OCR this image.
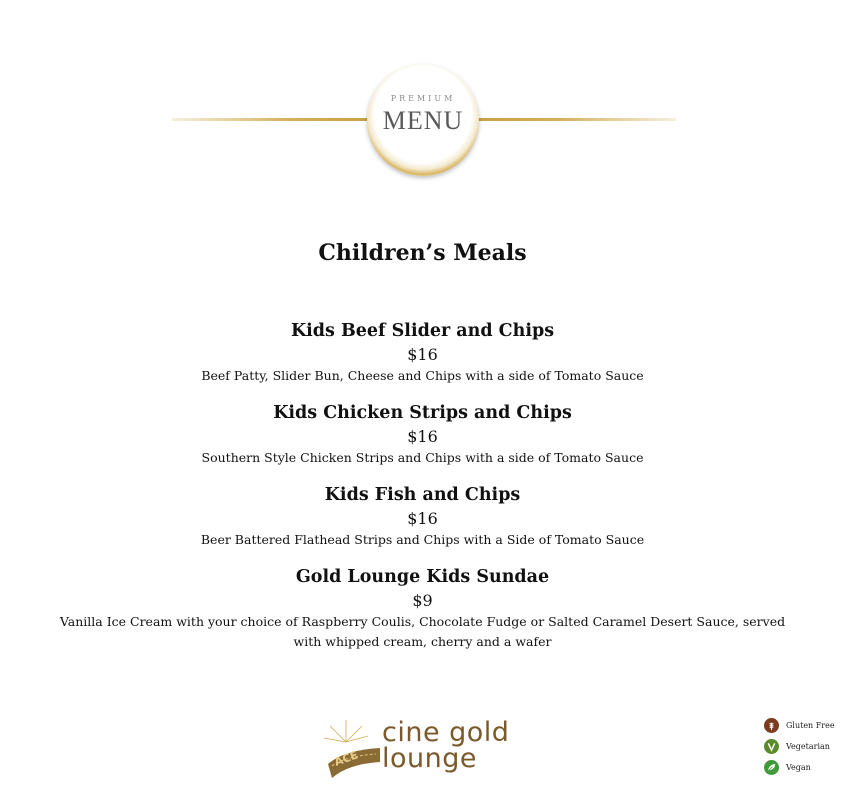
PREMIUM
MENU
Children’s Meals
Kids Beef Slider and Chips
$16
Beef Patty, Slider Bun, Cheese and Chips with a side of Tomato Sauce
Kids Chicken Strips and Chips
$16
Southern Style Chicken Strips and Chips with a side of Tomato Sauce
Kids Fish and Chips
$16
Beer Battered Flathead Strips and Chips with a Side of Tomato Sauce
Gold Lounge Kids Sundae
$9
Vanilla Ice Cream with your choice of Raspberry Coulis, Chocolate Fudge or Salted Caramel Desert Sauce, served with whipped cream, cherry and a wafer
ACE
cine gold
lounge
Gluten Free
Vegetarian
Vegan
